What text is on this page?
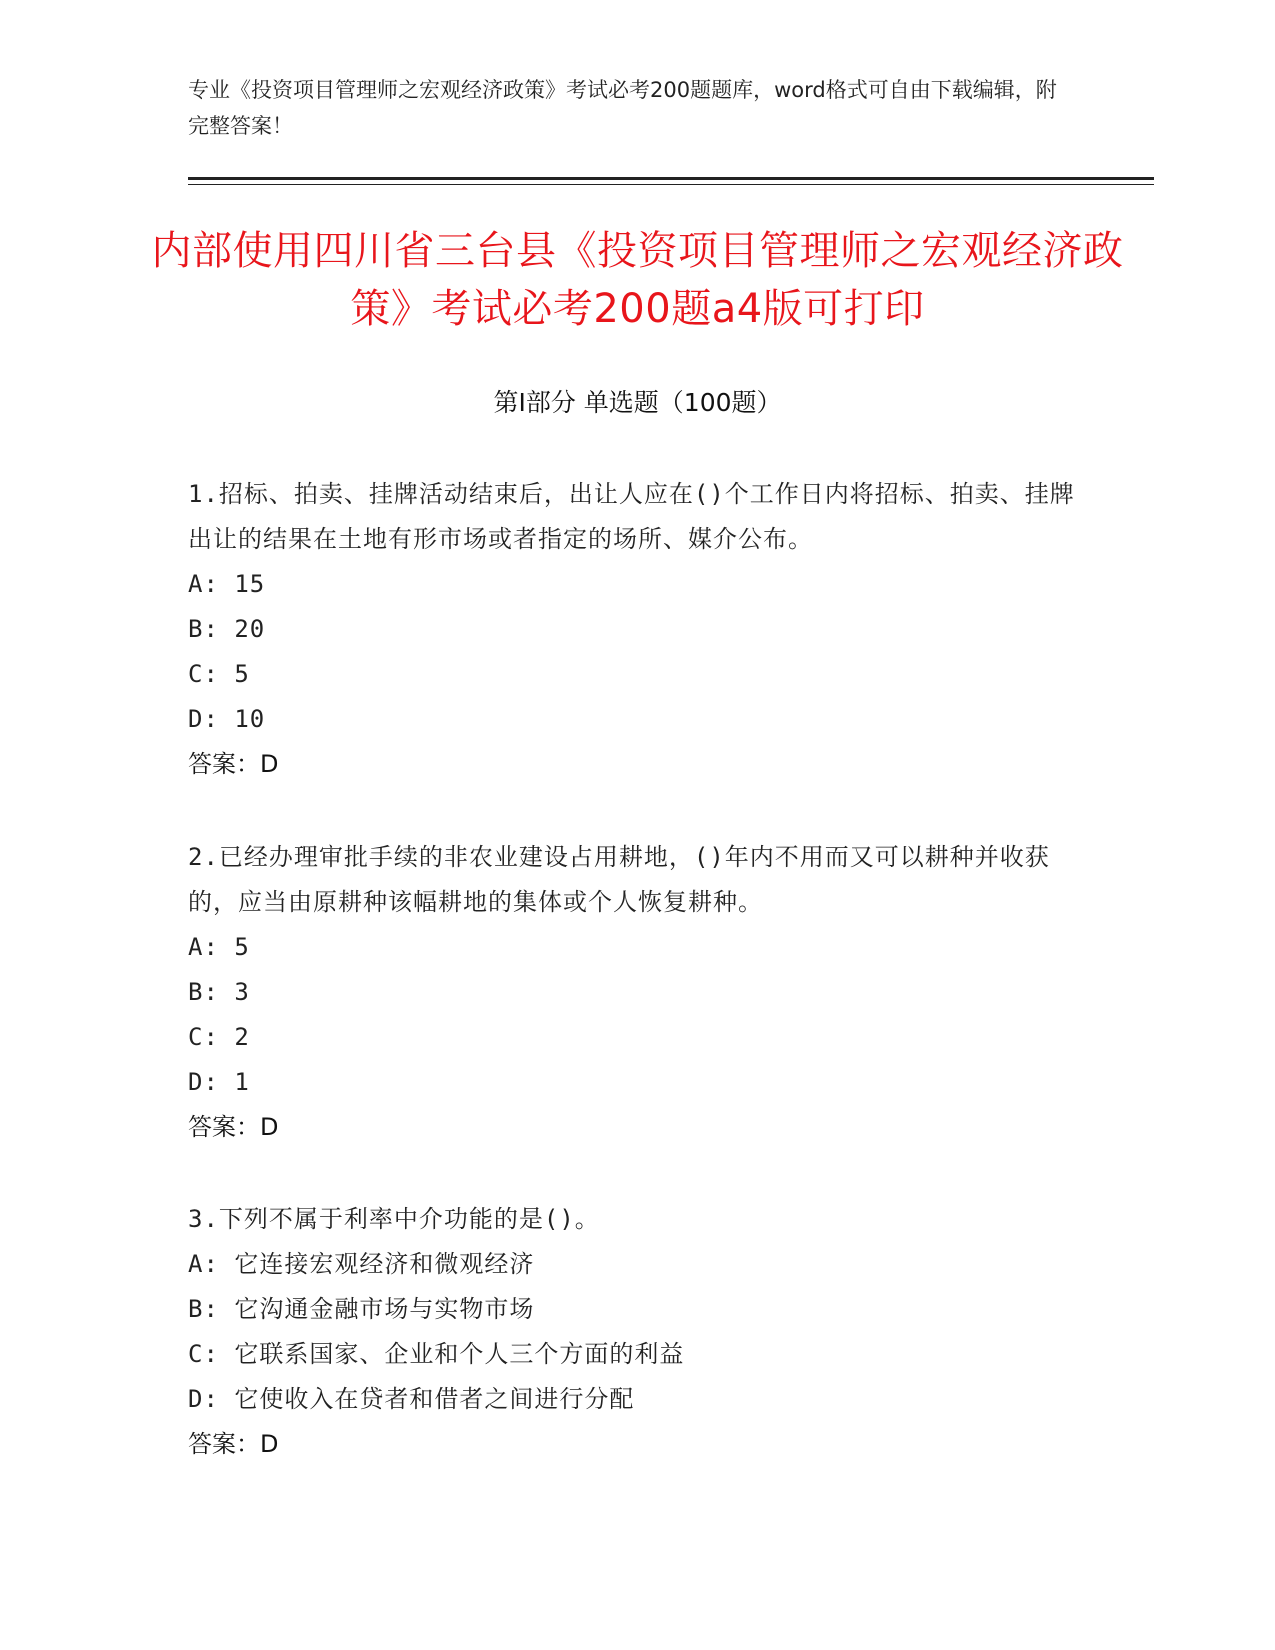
专业《投资项目管理师之宏观经济政策》考试必考200题题库，word格式可自由下载编辑，附完整答案！
内部使用四川省三台县《投资项目管理师之宏观经济政策》考试必考200题a4版可打印
第I部分 单选题（100题）
1.招标、拍卖、挂牌活动结束后，出让人应在()个工作日内将招标、拍卖、挂牌出让的结果在土地有形市场或者指定的场所、媒介公布。
A: 15
B: 20
C: 5
D: 10
答案：D
2.已经办理审批手续的非农业建设占用耕地，()年内不用而又可以耕种并收获的，应当由原耕种该幅耕地的集体或个人恢复耕种。
A: 5
B: 3
C: 2
D: 1
答案：D
3.下列不属于利率中介功能的是()。
A: 它连接宏观经济和微观经济
B: 它沟通金融市场与实物市场
C: 它联系国家、企业和个人三个方面的利益
D: 它使收入在贷者和借者之间进行分配
答案：D
